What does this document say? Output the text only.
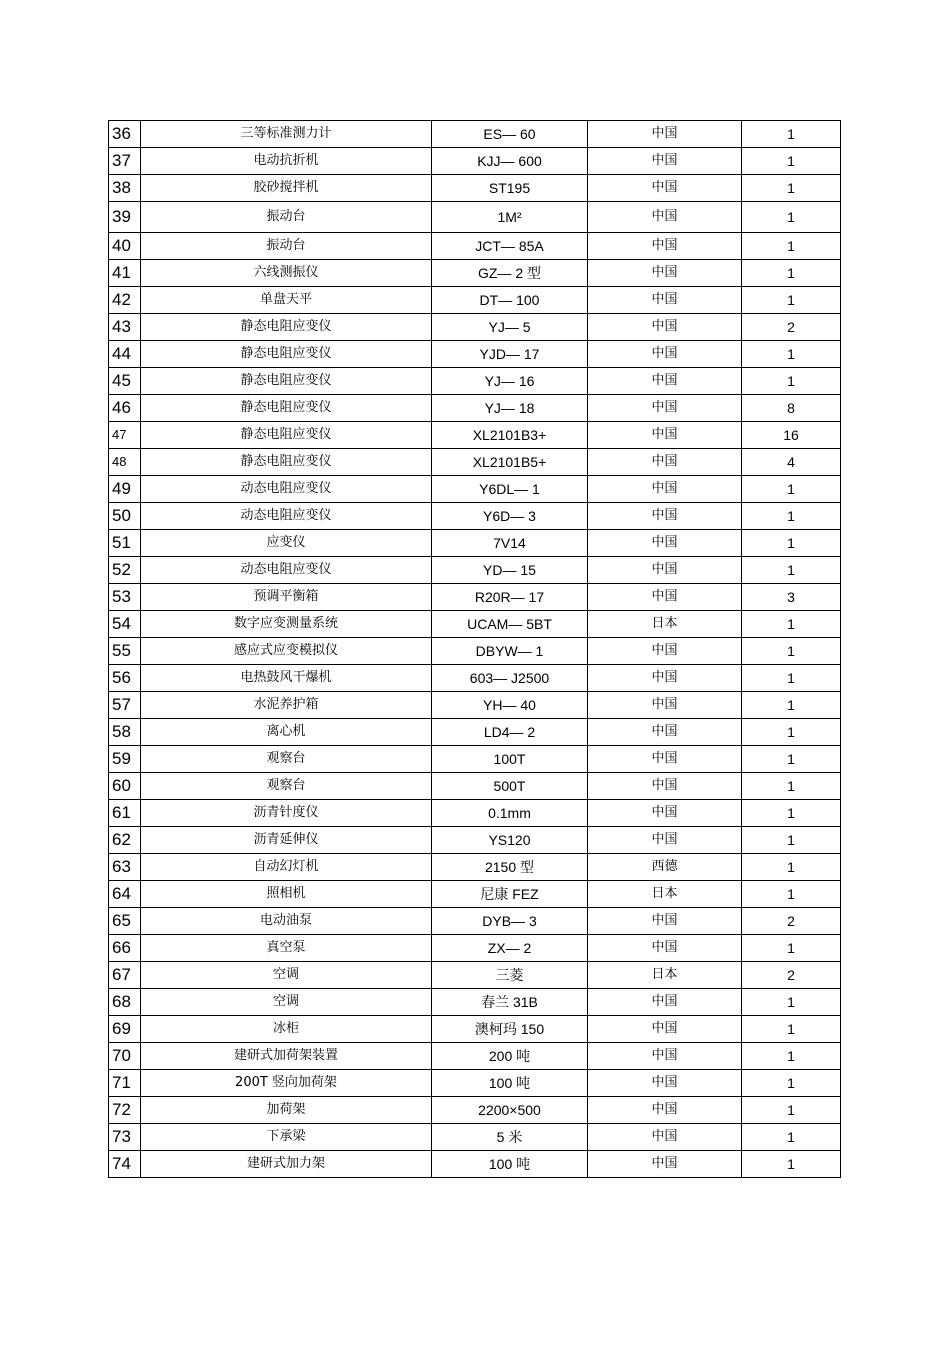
36	三等标准测力计	ES— 60	中国	1
37	电动抗折机	KJJ— 600	中国	1
38	胶砂搅拌机	ST195	中国	1
39	振动台	1M²	中国	1
40	振动台	JCT— 85A	中国	1
41	六线测振仪	GZ— 2 型	中国	1
42	单盘天平	DT— 100	中国	1
43	静态电阻应变仪	YJ— 5	中国	2
44	静态电阻应变仪	YJD— 17	中国	1
45	静态电阻应变仪	YJ— 16	中国	1
46	静态电阻应变仪	YJ— 18	中国	8
47	静态电阻应变仪	XL2101B3+	中国	16
48	静态电阻应变仪	XL2101B5+	中国	4
49	动态电阻应变仪	Y6DL— 1	中国	1
50	动态电阻应变仪	Y6D— 3	中国	1
51	应变仪	7V14	中国	1
52	动态电阻应变仪	YD— 15	中国	1
53	预调平衡箱	R20R— 17	中国	3
54	数字应变测量系统	UCAM— 5BT	日本	1
55	感应式应变模拟仪	DBYW— 1	中国	1
56	电热鼓风干爆机	603— J2500	中国	1
57	水泥养护箱	YH— 40	中国	1
58	离心机	LD4— 2	中国	1
59	观察台	100T	中国	1
60	观察台	500T	中国	1
61	沥青针度仪	0.1mm	中国	1
62	沥青延伸仪	YS120	中国	1
63	自动幻灯机	2150 型	西德	1
64	照相机	尼康 FEZ	日本	1
65	电动油泵	DYB— 3	中国	2
66	真空泵	ZX— 2	中国	1
67	空调	三菱	日本	2
68	空调	春兰 31B	中国	1
69	冰柜	澳柯玛 150	中国	1
70	建研式加荷架装置	200 吨	中国	1
71	200T 竖向加荷架	100 吨	中国	1
72	加荷架	2200×500	中国	1
73	下承梁	5 米	中国	1
74	建研式加力架	100 吨	中国	1
